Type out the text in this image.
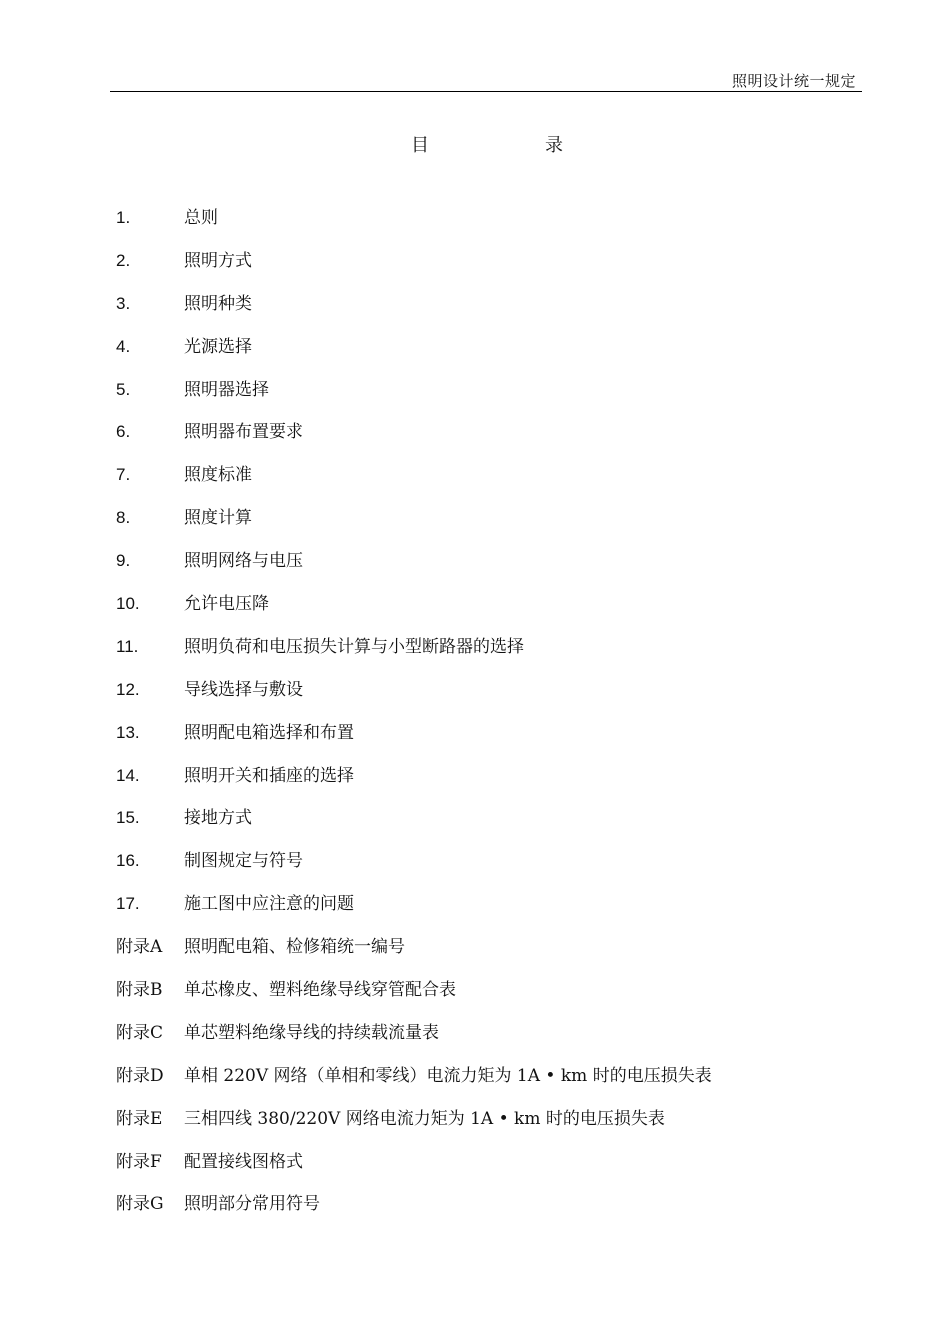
照明设计统一规定
目	录
1.	总则
2.	照明方式
3.	照明种类
4.	光源选择
5.	照明器选择
6.	照明器布置要求
7.	照度标准
8.	照度计算
9.	照明网络与电压
10.	允许电压降
11.	照明负荷和电压损失计算与小型断路器的选择
12.	导线选择与敷设
13.	照明配电箱选择和布置
14.	照明开关和插座的选择
15.	接地方式
16.	制图规定与符号
17.	施工图中应注意的问题
附录A	照明配电箱、检修箱统一编号
附录B	单芯橡皮、塑料绝缘导线穿管配合表
附录C	单芯塑料绝缘导线的持续载流量表
附录D	单相 220V 网络（单相和零线）电流力矩为 1A • km 时的电压损失表
附录E	三相四线 380/220V 网络电流力矩为 1A • km 时的电压损失表
附录F	配置接线图格式
附录G	照明部分常用符号
